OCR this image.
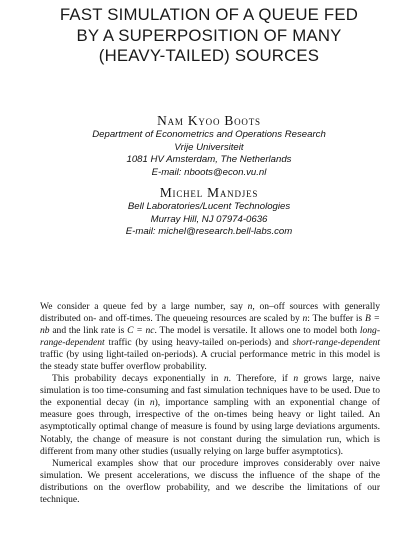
FAST SIMULATION OF A QUEUE FED
BY A SUPERPOSITION OF MANY
(HEAVY-TAILED) SOURCES
Nam Kyoo Boots
Department of Econometrics and Operations Research
Vrije Universiteit
1081 HV Amsterdam, The Netherlands
E-mail: nboots@econ.vu.nl
Michel Mandjes
Bell Laboratories/Lucent Technologies
Murray Hill, NJ 07974-0636
E-mail: michel@research.bell-labs.com

We consider a queue fed by a large number, say n, on–off sources with generally distributed on- and off-times. The queueing resources are scaled by n: The buffer is B = nb and the link rate is C = nc. The model is versatile. It allows one to model both long-range-dependent traffic (by using heavy-tailed on-periods) and short-range-dependent traffic (by using light-tailed on-periods). A crucial performance metric in this model is the steady state buffer overflow probability.

This probability decays exponentially in n. Therefore, if n grows large, naive simulation is too time-consuming and fast simulation techniques have to be used. Due to the exponential decay (in n), importance sampling with an exponential change of measure goes through, irrespective of the on-times being heavy or light tailed. An asymptotically optimal change of measure is found by using large deviations arguments. Notably, the change of measure is not constant during the simulation run, which is different from many other studies (usually relying on large buffer asymptotics).

Numerical examples show that our procedure improves considerably over naive simulation. We present accelerations, we discuss the influence of the shape of the distributions on the overflow probability, and we describe the limitations of our technique.
